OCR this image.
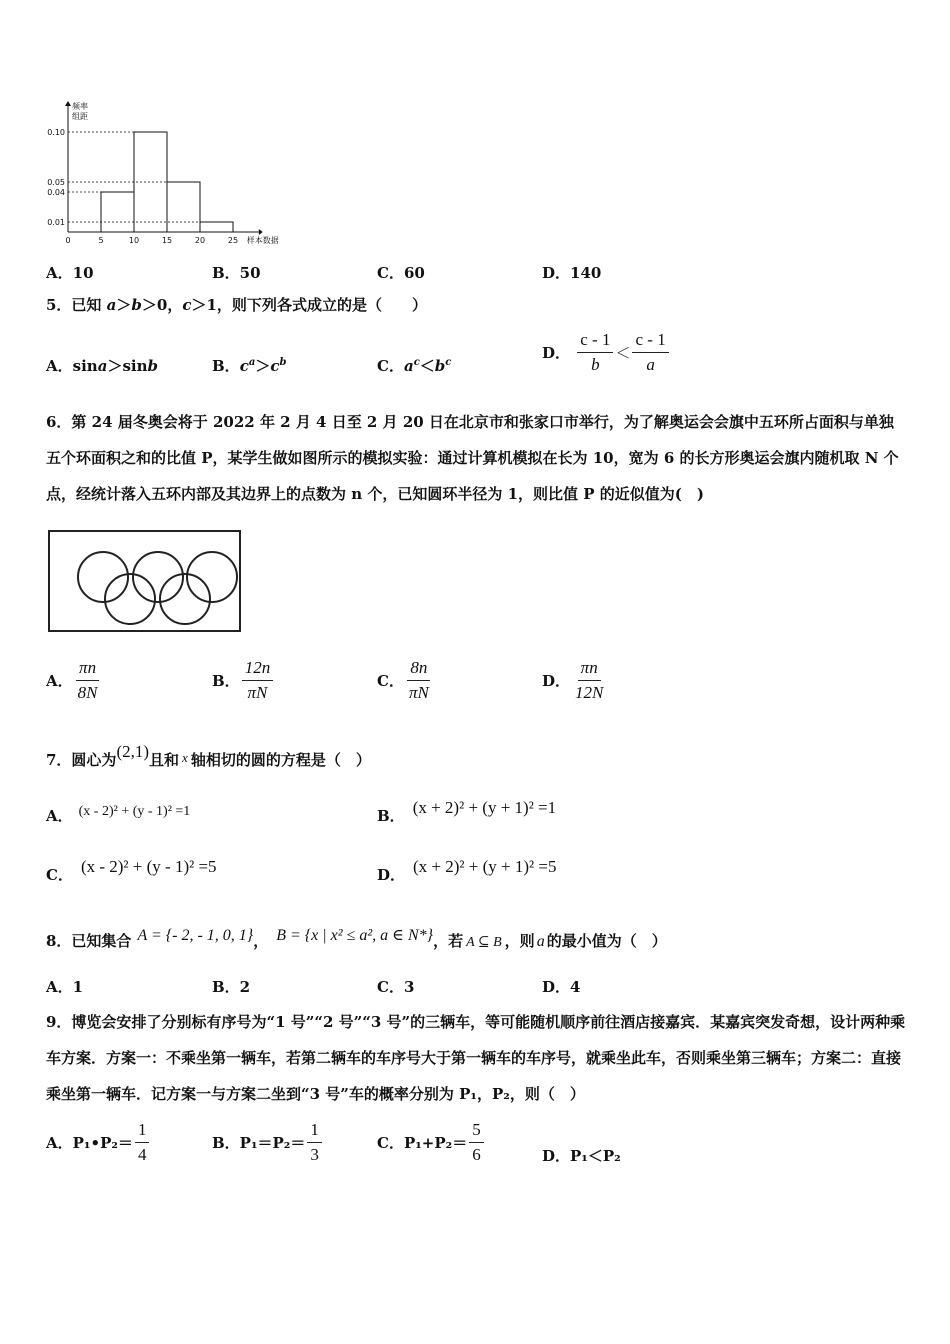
0.01
0.04
0.05
0.10
0	5	10	15	20	25
频率
组距
样本数据
A．10	B．50	C．60	D．140
5．已知 a＞b＞0，c＞1，则下列各式成立的是（　　）
A．sina＞sinb	B．$c^a>c^b$	C．$a^c<b^c$
D． $\frac{c - 1}{b} < \frac{c - 1}{a}$
6．第 24 届冬奥会将于 2022 年 2 月 4 日至 2 月 20 日在北京市和张家口市举行，为了解奥运会会旗中五环所占面积与单独五个环面积之和的比值 P，某学生做如图所示的模拟实验：通过计算机模拟在长为 10，宽为 6 的长方形奥运会旗内随机取 N 个点，经统计落入五环内部及其边界上的点数为 n 个，已知圆环半径为 1，则比值 P 的近似值为(　)
A． $\frac{\pi n}{8N}$	B． $\frac{12n}{\pi N}$	C． $\frac{8n}{\pi N}$	D． $\frac{\pi n}{12N}$
7．圆心为(2,1)且和 x 轴相切的圆的方程是（　）
A． (x - 2)² + (y - 1)² =1	B． (x + 2)² + (y + 1)² =1
C． (x - 2)² + (y - 1)² =5	D． (x + 2)² + (y + 1)² =5
8．已知集合 A = {- 2, - 1, 0, 1}， B = {x | x² ≤ a², a ∈ N*}，若 A ⊆ B ，则 a 的最小值为（　）
A．1	B．2	C．3	D．4
9．博览会安排了分别标有序号为“1 号”“2 号”“3 号”的三辆车，等可能随机顺序前往酒店接嘉宾．某嘉宾突发奇想，设计两种乘车方案．方案一：不乘坐第一辆车，若第二辆车的车序号大于第一辆车的车序号，就乘坐此车，否则乘坐第三辆车；方案二：直接乘坐第一辆车．记方案一与方案二坐到“3 号”车的概率分别为 P₁，P₂，则（　）
A．P₁•P₂＝ $\frac{1}{4}$	B．$P_1=P_2= \frac{1}{3}$	C．$P_1+P_2= \frac{5}{6}$	D．P₁＜P₂
